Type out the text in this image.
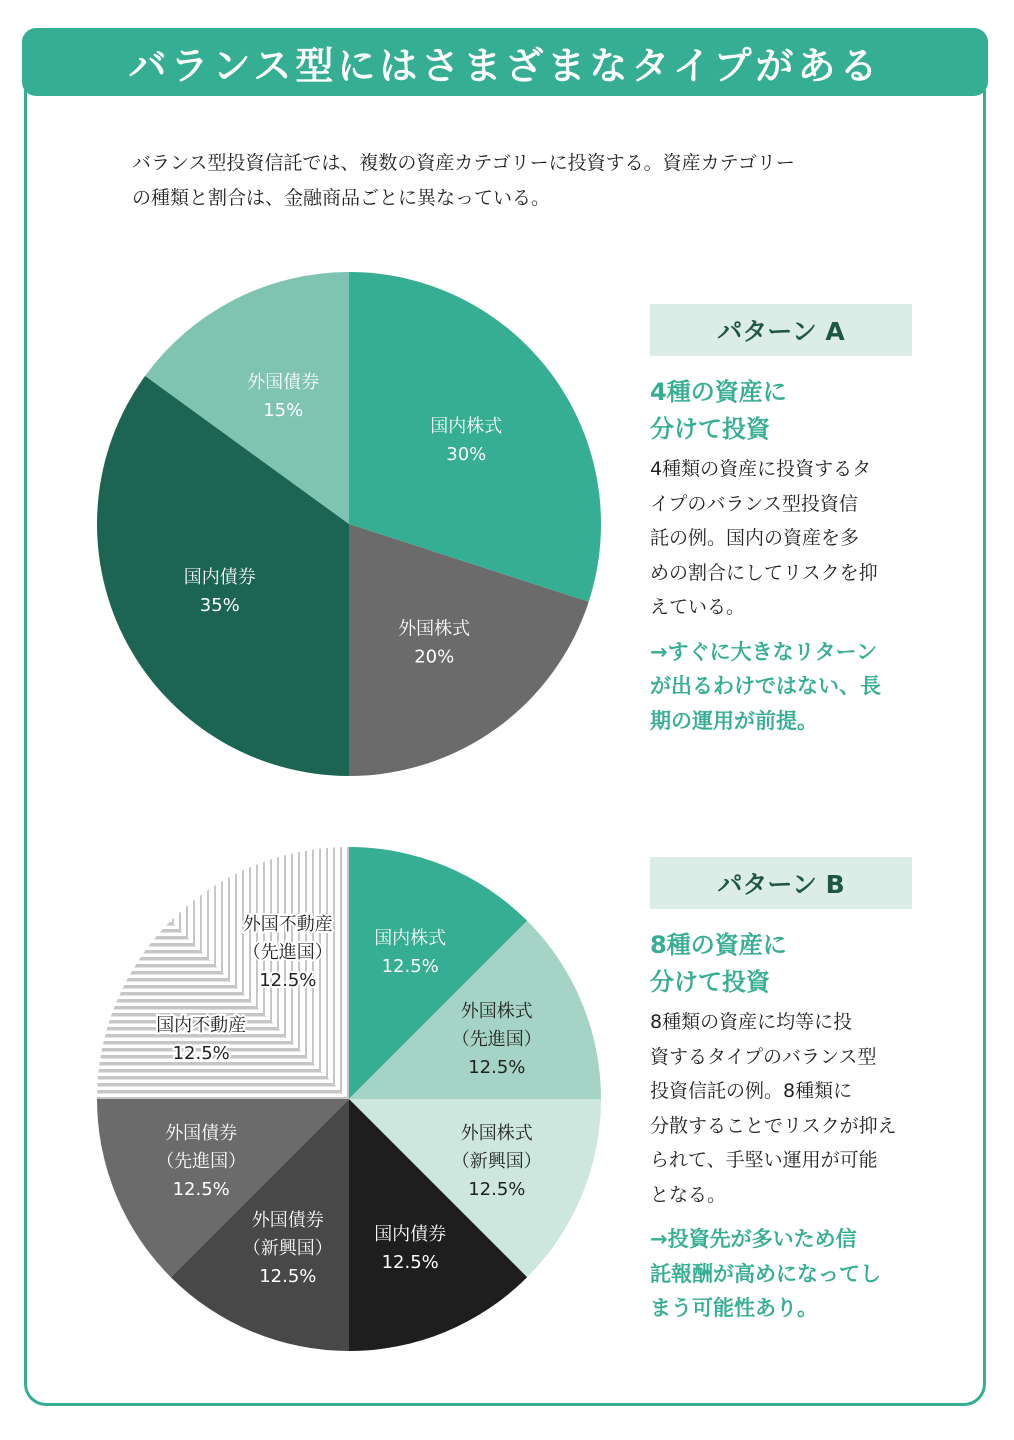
バランス型にはさまざまなタイプがある
バランス型投資信託では、複数の資産カテゴリーに投資する。資産カテゴリー
の種類と割合は、金融商品ごとに異なっている。
国内株式 30%
外国株式 20%
国内債券 35%
外国債券 15%
国内株式 12.5%
外国株式（先進国） 12.5%
外国株式（新興国） 12.5%
国内債券 12.5%
外国債券（新興国） 12.5%
外国債券（先進国） 12.5%
国内不動産 12.5%
外国不動産（先進国） 12.5%
パターン A
4種の資産に
分けて投資
4種類の資産に投資するタ
イプのバランス型投資信
託の例。国内の資産を多
めの割合にしてリスクを抑
えている。
→すぐに大きなリターン
が出るわけではない、長
期の運用が前提。
パターン B
8種の資産に
分けて投資
8種類の資産に均等に投
資するタイプのバランス型
投資信託の例。8種類に
分散することでリスクが抑え
られて、手堅い運用が可能
となる。
→投資先が多いため信
託報酬が高めになってし
まう可能性あり。
